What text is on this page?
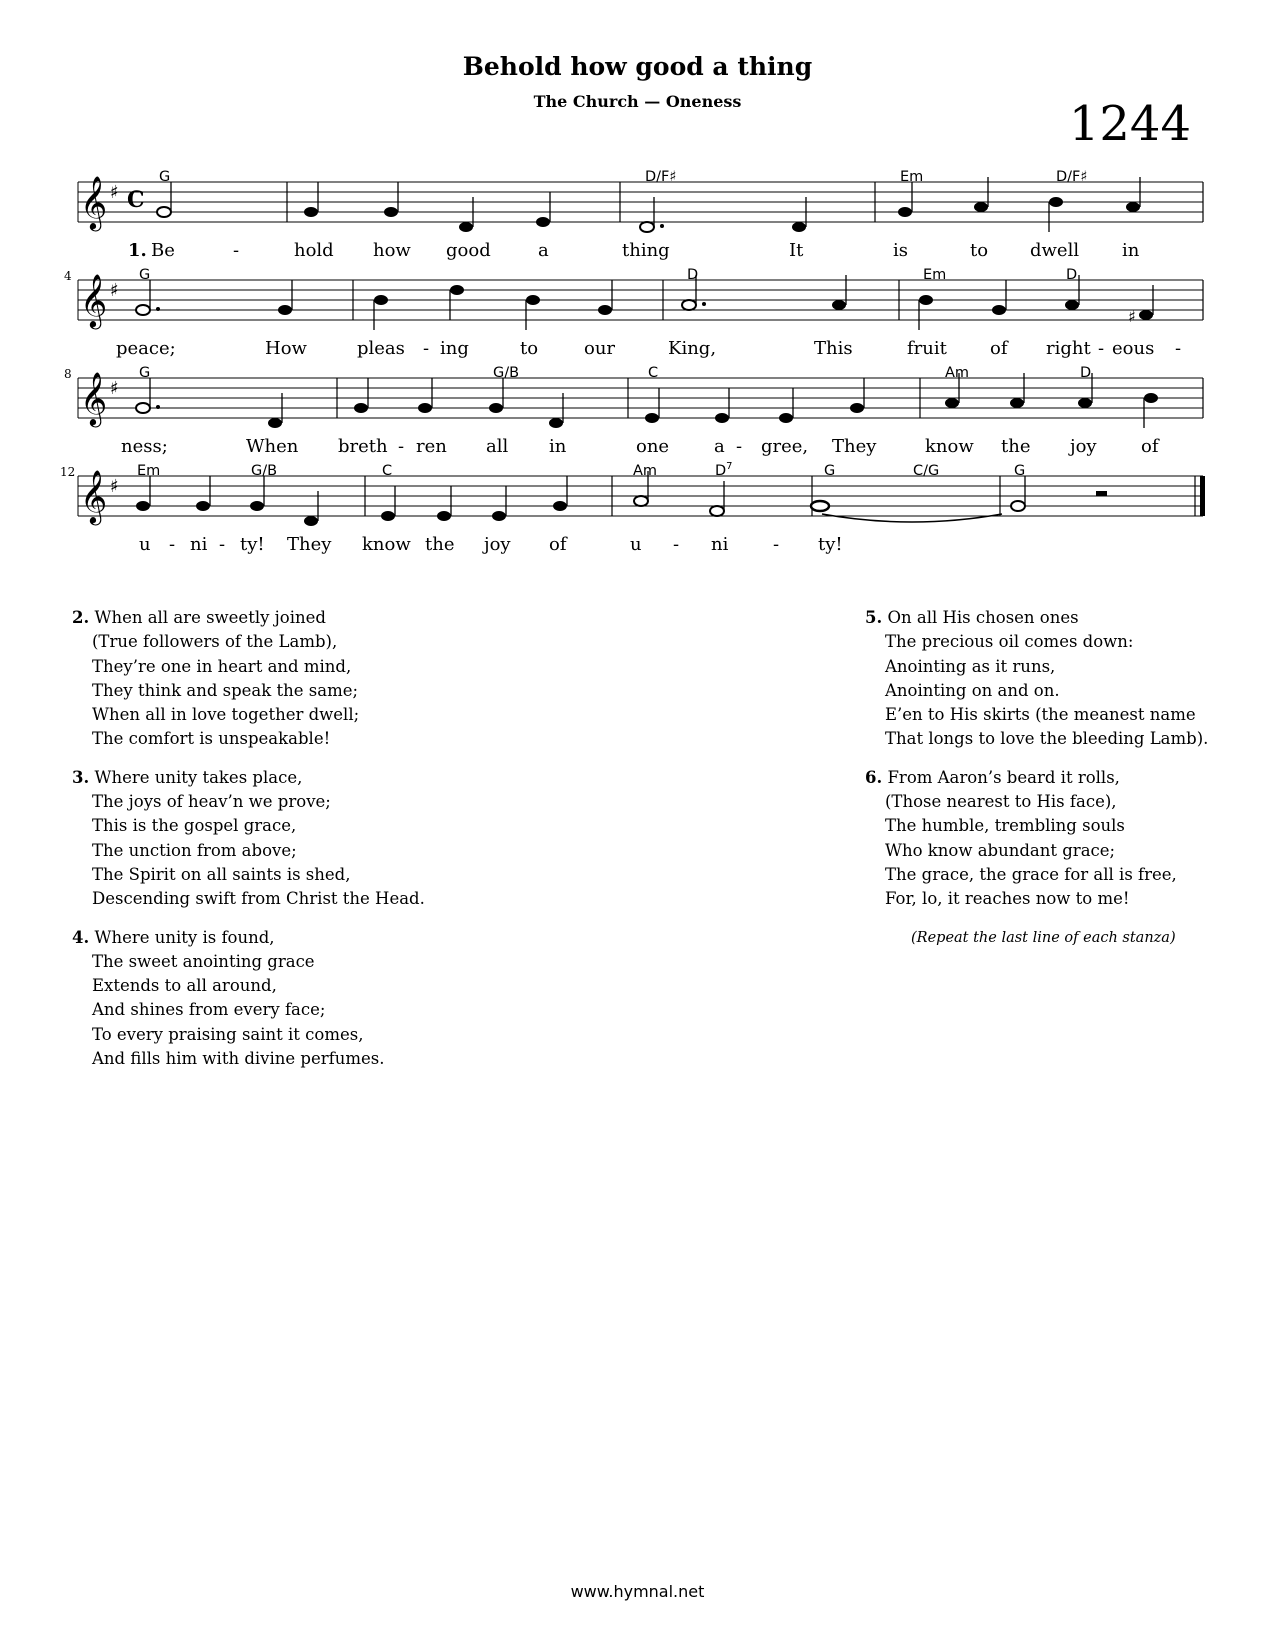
Behold how good a thing
The Church — Oneness	1244
𝄞 ♯ C
G	D/F♯	Em	D/F♯
1. Be	-	hold how good	a	thing	It	is	to dwell in
4 𝄞 ♯
♯
G	D	Em	D
peace;	How	pleas - ing	to	our	King,	This	fruit of right - eous -
8 𝄞 ♯
G	G/B	C	Am	D
ness;	When breth - ren all in	one a - gree, They	know the joy of
12 𝄞 ♯
Em	G/B	C	Am	$D^7$	G	C/G	G
u - ni - ty! They know the joy of	u - ni - ty!
2. When all are sweetly joined
(True followers of the Lamb),
They’re one in heart and mind,
They think and speak the same;
When all in love together dwell;
The comfort is unspeakable!
3. Where unity takes place,
The joys of heav’n we prove;
This is the gospel grace,
The unction from above;
The Spirit on all saints is shed,
Descending swift from Christ the Head.
4. Where unity is found,
The sweet anointing grace
Extends to all around,
And shines from every face;
To every praising saint it comes,
And fills him with divine perfumes.
5. On all His chosen ones
The precious oil comes down:
Anointing as it runs,
Anointing on and on.
E’en to His skirts (the meanest name
That longs to love the bleeding Lamb).
6. From Aaron’s beard it rolls,
(Those nearest to His face),
The humble, trembling souls
Who know abundant grace;
The grace, the grace for all is free,
For, lo, it reaches now to me!
(Repeat the last line of each stanza)
www.hymnal.net
